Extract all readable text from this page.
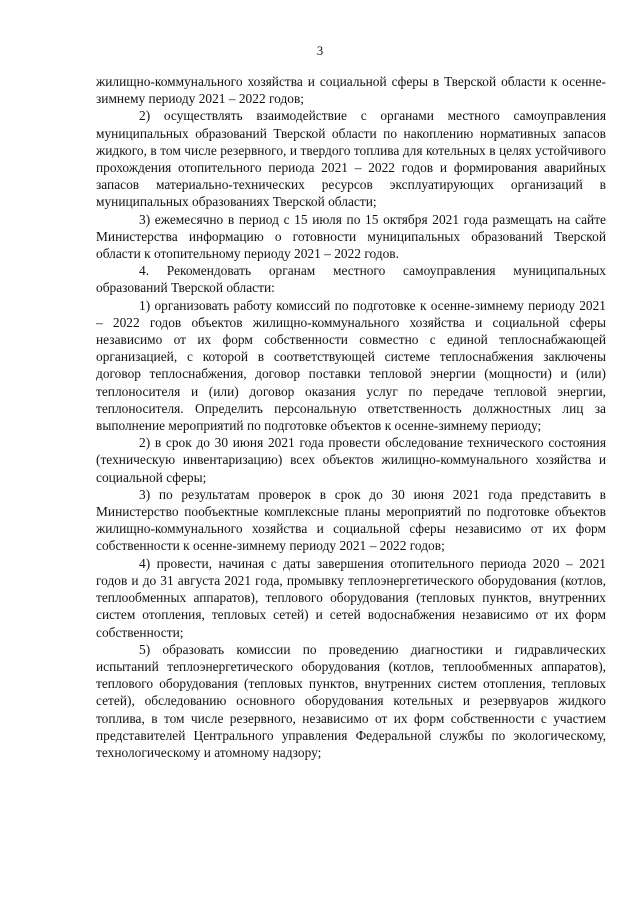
3

жилищно-коммунального хозяйства и социальной сферы в Тверской области к осенне-зимнему периоду 2021 – 2022 годов;

2) осуществлять взаимодействие с органами местного самоуправления муниципальных образований Тверской области по накоплению нормативных запасов жидкого, в том числе резервного, и твердого топлива для котельных в целях устойчивого прохождения отопительного периода 2021 – 2022 годов и формирования аварийных запасов материально-технических ресурсов эксплуатирующих организаций в муниципальных образованиях Тверской области;

3) ежемесячно в период с 15 июля по 15 октября 2021 года размещать на сайте Министерства информацию о готовности муниципальных образований Тверской области к отопительному периоду 2021 – 2022 годов.

4. Рекомендовать органам местного самоуправления муниципальных образований Тверской области:

1) организовать работу комиссий по подготовке к осенне-зимнему периоду 2021 – 2022 годов объектов жилищно-коммунального хозяйства и социальной сферы независимо от их форм собственности совместно с единой теплоснабжающей организацией, с которой в соответствующей системе теплоснабжения заключены договор теплоснабжения, договор поставки тепловой энергии (мощности) и (или) теплоносителя и (или) договор оказания услуг по передаче тепловой энергии, теплоносителя. Определить персональную ответственность должностных лиц за выполнение мероприятий по подготовке объектов к осенне-зимнему периоду;

2) в срок до 30 июня 2021 года провести обследование технического состояния (техническую инвентаризацию) всех объектов жилищно-коммунального хозяйства и социальной сферы;

3) по результатам проверок в срок до 30 июня 2021 года представить в Министерство пообъектные комплексные планы мероприятий по подготовке объектов жилищно-коммунального хозяйства и социальной сферы независимо от их форм собственности к осенне-зимнему периоду 2021 – 2022 годов;

4) провести, начиная с даты завершения отопительного периода 2020 – 2021 годов и до 31 августа 2021 года, промывку теплоэнергетического оборудования (котлов, теплообменных аппаратов), теплового оборудования (тепловых пунктов, внутренних систем отопления, тепловых сетей) и сетей водоснабжения независимо от их форм собственности;

5) образовать комиссии по проведению диагностики и гидравлических испытаний теплоэнергетического оборудования (котлов, теплообменных аппаратов), теплового оборудования (тепловых пунктов, внутренних систем отопления, тепловых сетей), обследованию основного оборудования котельных и резервуаров жидкого топлива, в том числе резервного, независимо от их форм собственности с участием представителей Центрального управления Федеральной службы по экологическому, технологическому и атомному надзору;
